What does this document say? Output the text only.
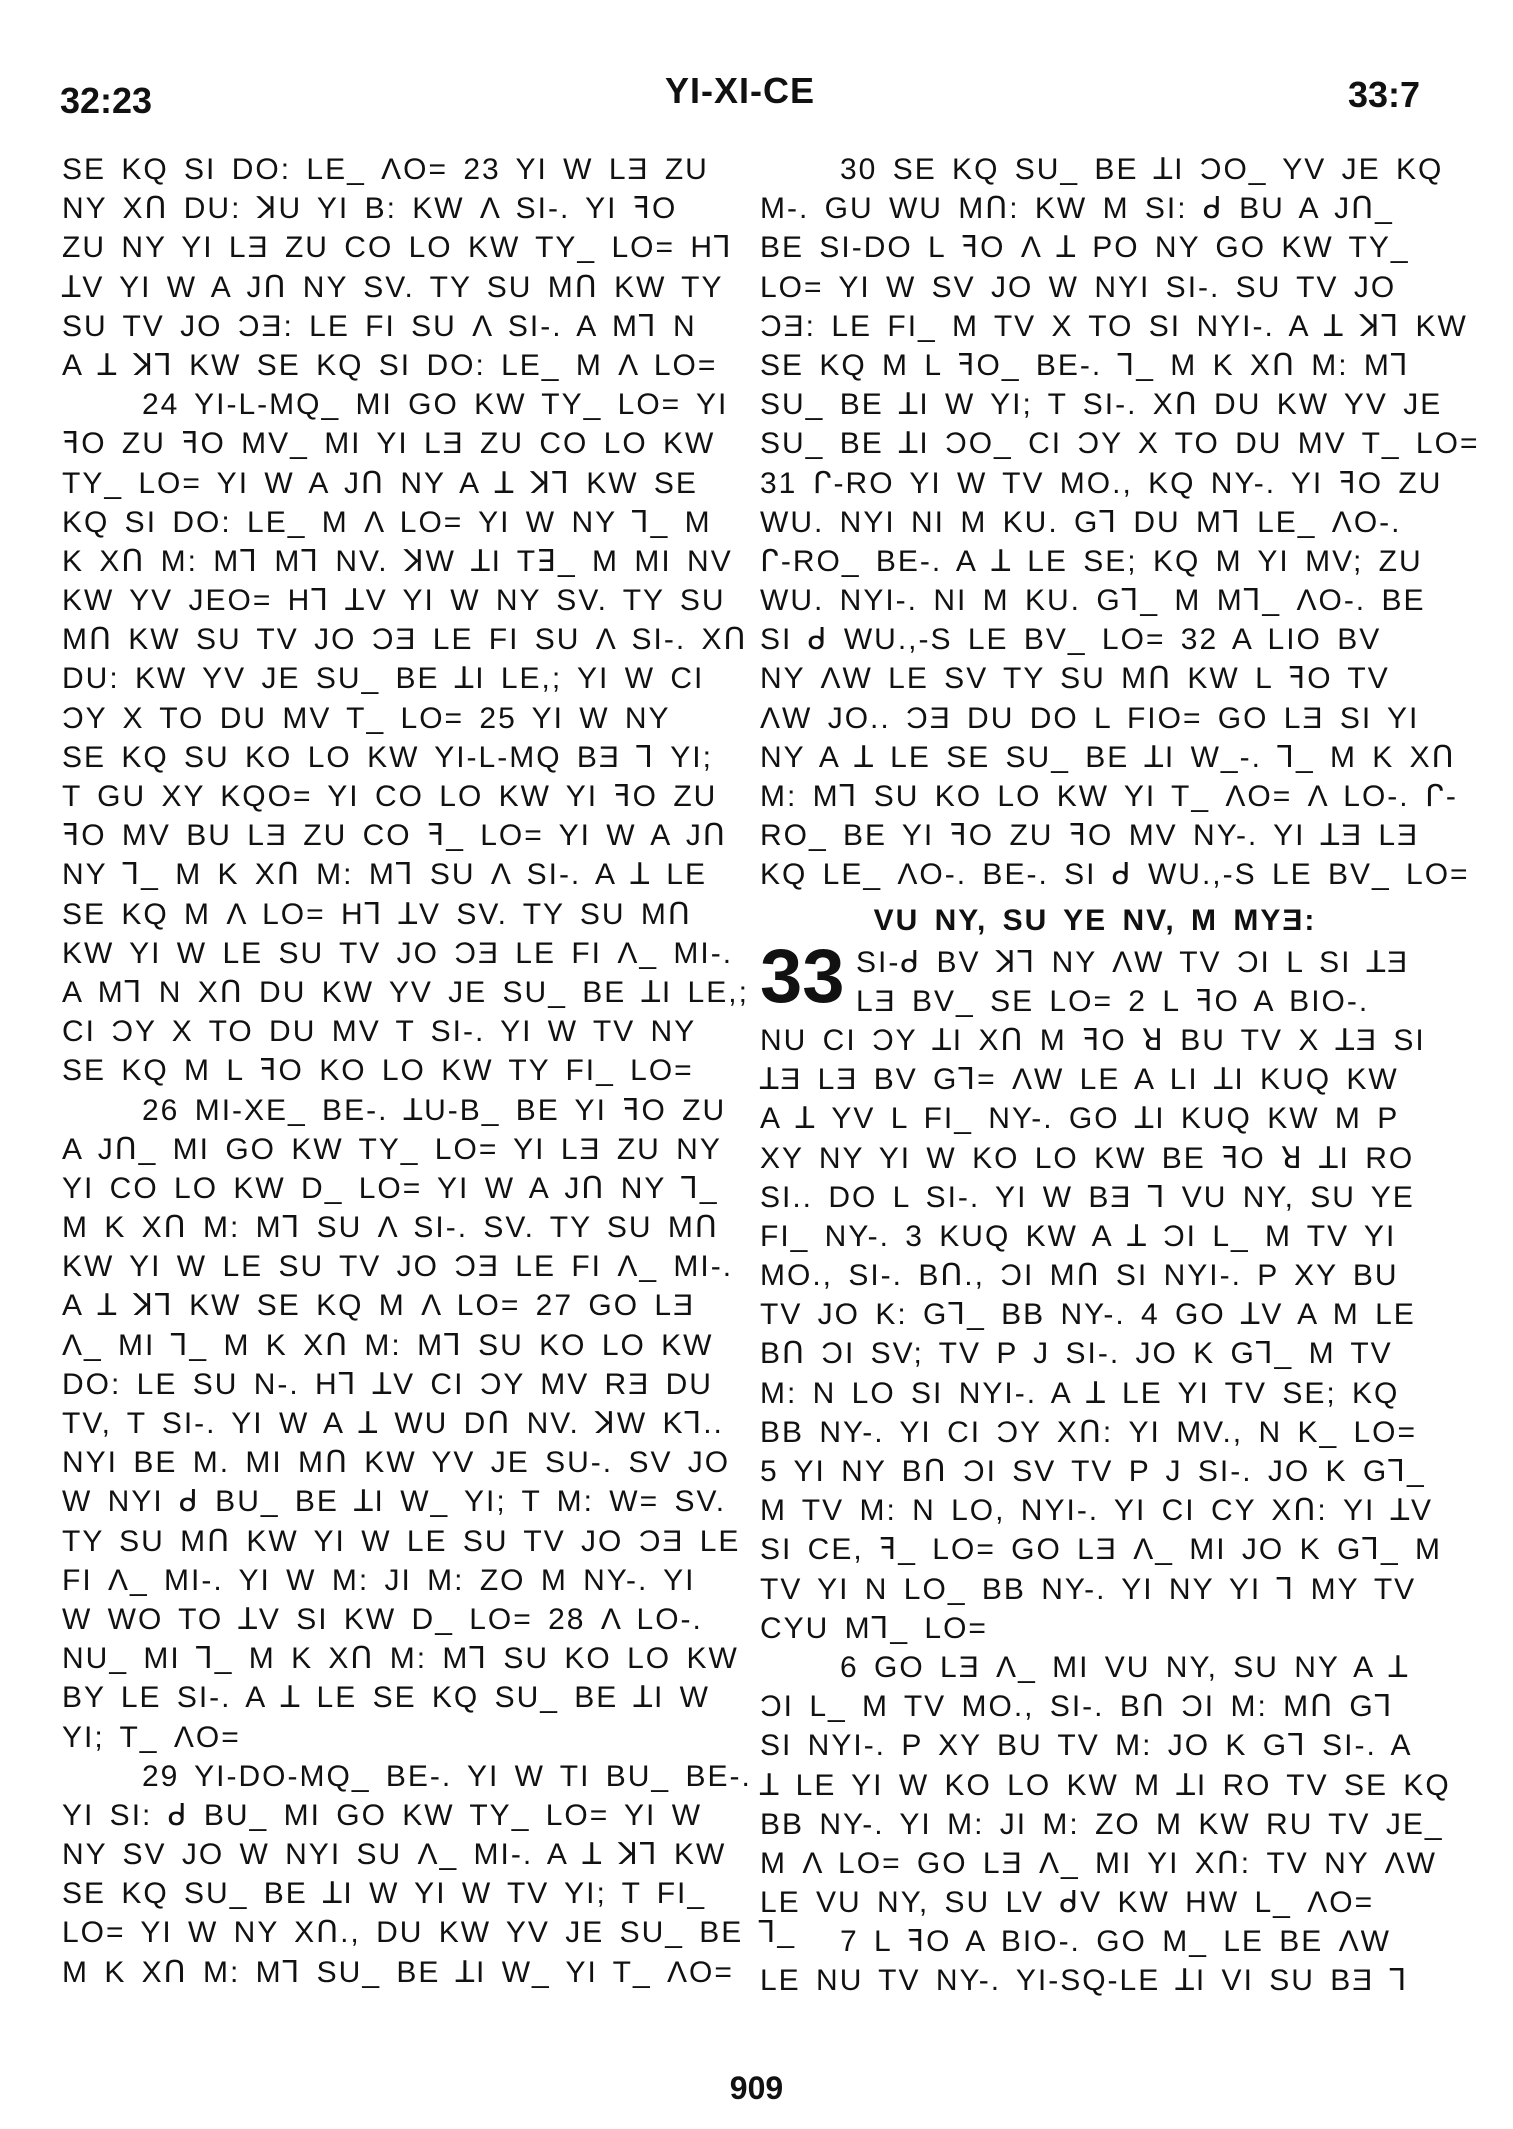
32:23	YI-XI-CE	33:7
SE KQ SI DO: LE_ ΛO= 23 YI W LƎ ZU
NY XՈ DU: ꓘU YI B: KW Λ SI-. YI ꟻO
ZU NY YI LƎ ZU CO LO KW TY_ LO= Hꓶ
ꓕV YI W A JՈ NY SV. TY SU MՈ KW TY
SU TV JO ƆƎ: LE FI SU Λ SI-. A Mꓶ N
A ꓕ ꓘꓶ KW SE KQ SI DO: LE_ M Λ LO=
24 YI-L-MQ_ MI GO KW TY_ LO= YI
ꟻO ZU ꟻO MV_ MI YI LƎ ZU CO LO KW
TY_ LO= YI W A JՈ NY A ꓕ ꓘꓶ KW SE
KQ SI DO: LE_ M Λ LO= YI W NY ꓶ_ M
K XՈ M: Mꓶ Mꓶ NV. ꓘW ꓕI Tꓱ_ M MI NV
KW YV JEO= Hꓶ ꓕV YI W NY SV. TY SU
MՈ KW SU TV JO ƆƎ LE FI SU Λ SI-. XՈ
DU: KW YV JE SU_ BE ꓕI LE,; YI W CI
ƆY X TO DU MV T_ LO= 25 YI W NY
SE KQ SU KO LO KW YI-L-MQ BƎ ꓶ YI;
T GU XY KQO= YI CO LO KW YI ꟻO ZU
ꟻO MV BU LƎ ZU CO ꟻ_ LO= YI W A JՈ
NY ꓶ_ M K XՈ M: Mꓶ SU Λ SI-. A ꓕ LE
SE KQ M Λ LO= Hꓶ ꓕV SV. TY SU MՈ
KW YI W LE SU TV JO ƆƎ LE FI Λ_ MI-.
A Mꓶ N XՈ DU KW YV JE SU_ BE ꓕI LE,;
CI ƆY X TO DU MV T SI-. YI W TV NY
SE KQ M L ꟻO KO LO KW TY FI_ LO=
26 MI-XE_ BE-. ꓕU-B_ BE YI ꟻO ZU
A JՈ_ MI GO KW TY_ LO= YI LƎ ZU NY
YI CO LO KW D_ LO= YI W A JՈ NY ꓶ_
M K XՈ M: Mꓶ SU Λ SI-. SV. TY SU MՈ
KW YI W LE SU TV JO ƆƎ LE FI Λ_ MI-.
A ꓕ ꓘꓶ KW SE KQ M Λ LO= 27 GO LƎ
Λ_ MI ꓶ_ M K XՈ M: Mꓶ SU KO LO KW
DO: LE SU N-. Hꓶ ꓕV CI ƆY MV RƎ DU
TV, T SI-. YI W A ꓕ WU DՈ NV. ꓘW Kꓶ..
NYI BE M. MI MՈ KW YV JE SU-. SV JO
W NYI ᑯ BU_ BE ꓕI W_ YI; T M: W= SV.
TY SU MՈ KW YI W LE SU TV JO ƆƎ LE
FI Λ_ MI-. YI W M: JI M: ZO M NY-. YI
W WO TO ꓕV SI KW D_ LO= 28 Λ LO-.
NU_ MI ꓶ_ M K XՈ M: Mꓶ SU KO LO KW
BY LE SI-. A ꓕ LE SE KQ SU_ BE ꓕI W
YI; T_ ΛO=
29 YI-DO-MQ_ BE-. YI W TI BU_ BE-.
YI SI: ᑯ BU_ MI GO KW TY_ LO= YI W
NY SV JO W NYI SU Λ_ MI-. A ꓕ ꓘꓶ KW
SE KQ SU_ BE ꓕI W YI W TV YI; T FI_
LO= YI W NY XՈ., DU KW YV JE SU_ BE ꓶ_
M K XՈ M: Mꓶ SU_ BE ꓕI W_ YI T_ ΛO=
30 SE KQ SU_ BE ꓕI ƆO_ YV JE KQ
M-. GU WU MՈ: KW M SI: ᑯ BU A JՈ_
BE SI-DO L ꟻO Λ ꓕ PO NY GO KW TY_
LO= YI W SV JO W NYI SI-. SU TV JO
ƆƎ: LE FI_ M TV X TO SI NYI-. A ꓕ ꓘꓶ KW
SE KQ M L ꟻO_ BE-. ꓶ_ M K XՈ M: Mꓶ
SU_ BE ꓕI W YI; T SI-. XՈ DU KW YV JE
SU_ BE ꓕI ƆO_ CI ƆY X TO DU MV T_ LO=
31 ᒋ-RO YI W TV MO., KQ NY-. YI ꟻO ZU
WU. NYI NI M KU. Gꓶ DU Mꓶ LE_ ΛO-.
ᒋ-RO_ BE-. A ꓕ LE SE; KQ M YI MV; ZU
WU. NYI-. NI M KU. Gꓶ_ M Mꓶ_ ΛO-. BE
SI ᑯ WU.,-S LE BV_ LO= 32 A LIO BV
NY ΛW LE SV TY SU MՈ KW L ꟻO TV
ΛW JO.. ƆƎ DU DO L FIO= GO LƎ SI YI
NY A ꓕ LE SE SU_ BE ꓕI W_-. ꓶ_ M K XՈ
M: Mꓶ SU KO LO KW YI T_ ΛO= Λ LO-. ᒋ-
RO_ BE YI ꟻO ZU ꟻO MV NY-. YI ꓕƎ LƎ
KQ LE_ ΛO-. BE-. SI ᑯ WU.,-S LE BV_ LO=
VU NY, SU YE NV, M MYƎ:
33 SI-ᑯ BV ꓘꓶ NY ΛW TV ƆI L SI ꓕƎ
LƎ BV_ SE LO= 2 L ꟻO A BIO-.
NU CI ƆY ꓕI XՈ M ꟻO ꓤ BU TV X ꓕƎ SI
ꓕƎ LƎ BV Gꓶ= ΛW LE A LI ꓕI KUQ KW
A ꓕ YV L FI_ NY-. GO ꓕI KUQ KW M P
XY NY YI W KO LO KW BE ꟻO ꓤ ꓕI RO
SI.. DO L SI-. YI W BƎ ꓶ VU NY, SU YE
FI_ NY-. 3 KUQ KW A ꓕ ƆI L_ M TV YI
MO., SI-. BՈ., ƆI MՈ SI NYI-. P XY BU
TV JO K: Gꓶ_ BB NY-. 4 GO ꓕV A M LE
BՈ ƆI SV; TV P J SI-. JO K Gꓶ_ M TV
M: N LO SI NYI-. A ꓕ LE YI TV SE; KQ
BB NY-. YI CI ƆY XՈ: YI MV., N K_ LO=
5 YI NY BՈ ƆI SV TV P J SI-. JO K Gꓶ_
M TV M: N LO, NYI-. YI CI CY XՈ: YI ꓕV
SI CE, ꟻ_ LO= GO LƎ Λ_ MI JO K Gꓶ_ M
TV YI N LO_ BB NY-. YI NY YI ꓶ MY TV
CYU Mꓶ_ LO=
6 GO LƎ Λ_ MI VU NY, SU NY A ꓕ
ƆI L_ M TV MO., SI-. BՈ ƆI M: MՈ Gꓶ
SI NYI-. P XY BU TV M: JO K Gꓶ SI-. A
ꓕ LE YI W KO LO KW M ꓕI RO TV SE KQ
BB NY-. YI M: JI M: ZO M KW RU TV JE_
M Λ LO= GO LƎ Λ_ MI YI XՈ: TV NY ΛW
LE VU NY, SU LV ᑯV KW HW L_ ΛO=
7 L ꟻO A BIO-. GO M_ LE BE ΛW
LE NU TV NY-. YI-SQ-LE ꓕI VI SU BƎ ꓶ
909
